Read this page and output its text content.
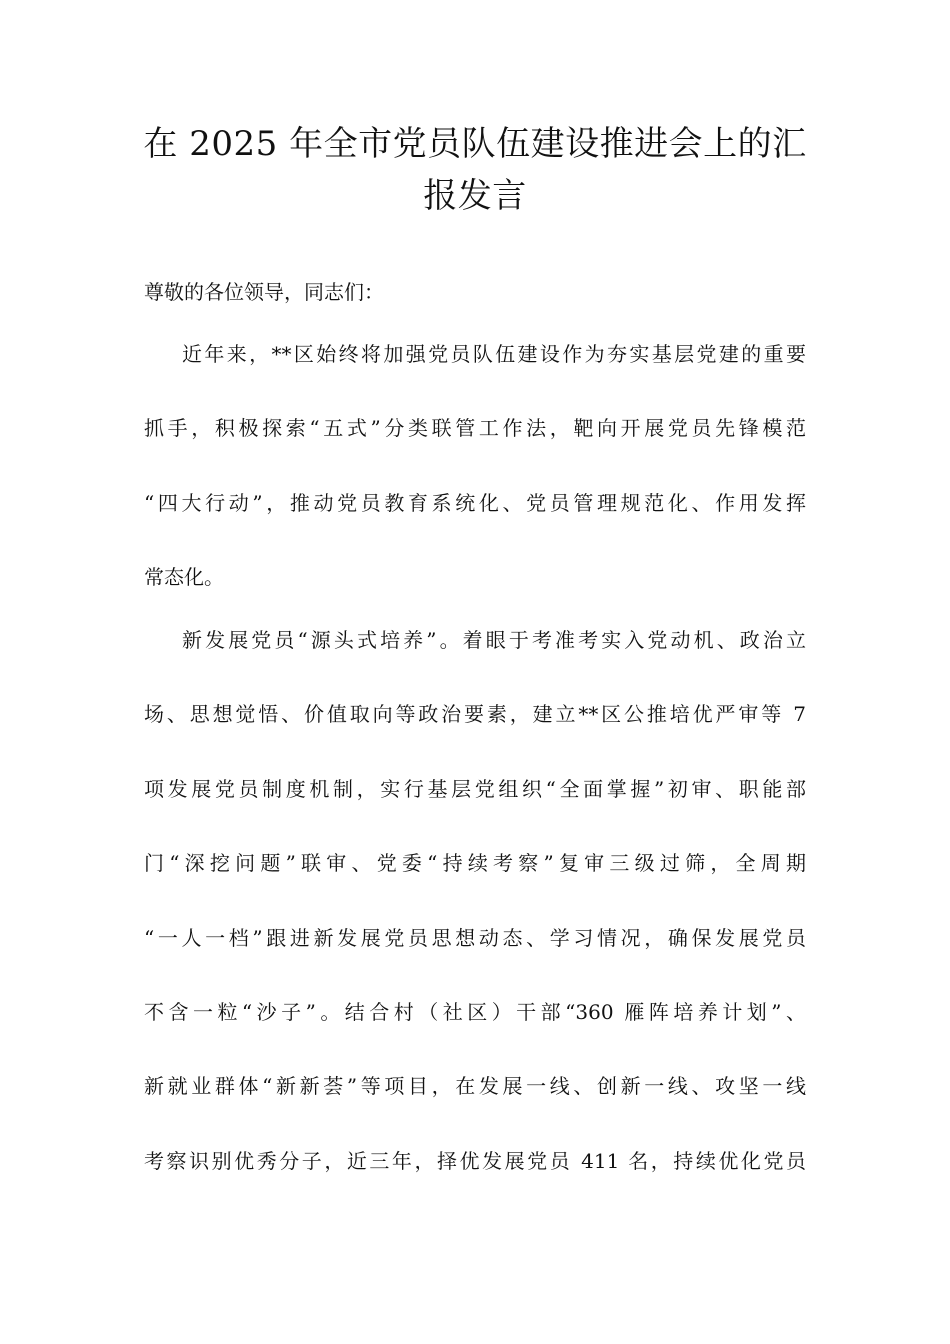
在 2025 年全市党员队伍建设推进会上的汇
报发言

尊敬的各位领导，同志们：

近年来，**区始终将加强党员队伍建设作为夯实基层党建的重要

抓手，积极探索“五式”分类联管工作法，靶向开展党员先锋模范

“四大行动”，推动党员教育系统化、党员管理规范化、作用发挥

常态化。

新发展党员“源头式培养”。着眼于考准考实入党动机、政治立

场、思想觉悟、价值取向等政治要素，建立**区公推培优严审等 7

项发展党员制度机制，实行基层党组织“全面掌握”初审、职能部

门“深挖问题”联审、党委“持续考察”复审三级过筛，全周期

“一人一档”跟进新发展党员思想动态、学习情况，确保发展党员

不含一粒“沙子”。结合村（社区）干部“360 雁阵培养计划”、

新就业群体“新新荟”等项目，在发展一线、创新一线、攻坚一线

考察识别优秀分子，近三年，择优发展党员 411 名，持续优化党员
